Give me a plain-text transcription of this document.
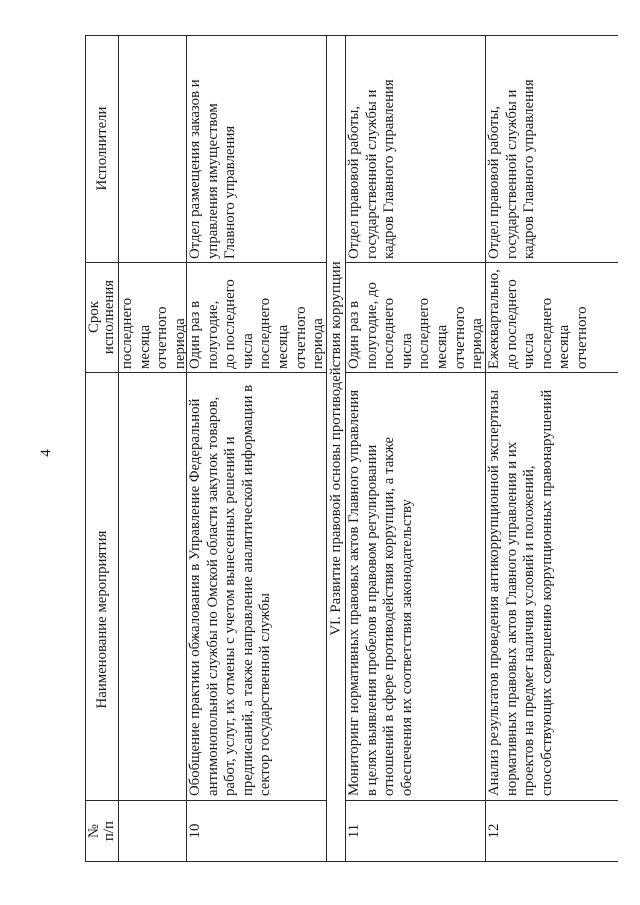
4
№
п/п
Наименование мероприятия
Срок
исполнения
Исполнители
последнего
месяца
отчетного
периода
10
Обобщение практики обжалования в Управление Федеральной
антимонопольной службы по Омской области закупок товаров,
работ, услуг, их отмены с учетом вынесенных решений и
предписаний, а также направление аналитической информации в
сектор государственной службы
Один раз в
полугодие,
до последнего
числа
последнего
месяца
отчетного
периода
Отдел размещения заказов и
управления имуществом
Главного управления
VI. Развитие правовой основы противодействия коррупции
11
Мониторинг нормативных правовых актов Главного управления
в целях выявления пробелов в правовом регулировании
отношений в сфере противодействия коррупции, а также
обеспечения их соответствия законодательству
Один раз в
полугодие, до
последнего
числа
последнего
месяца
отчетного
периода
Отдел правовой работы,
государственной службы и
кадров Главного управления
12
Анализ результатов проведения антикоррупционной экспертизы
нормативных правовых актов Главного управления и их
проектов на предмет наличия условий и положений,
способствующих совершению коррупционных правонарушений
Ежеквартально,
до последнего
числа
последнего
месяца
отчетного
Отдел правовой работы,
государственной службы и
кадров Главного управления
